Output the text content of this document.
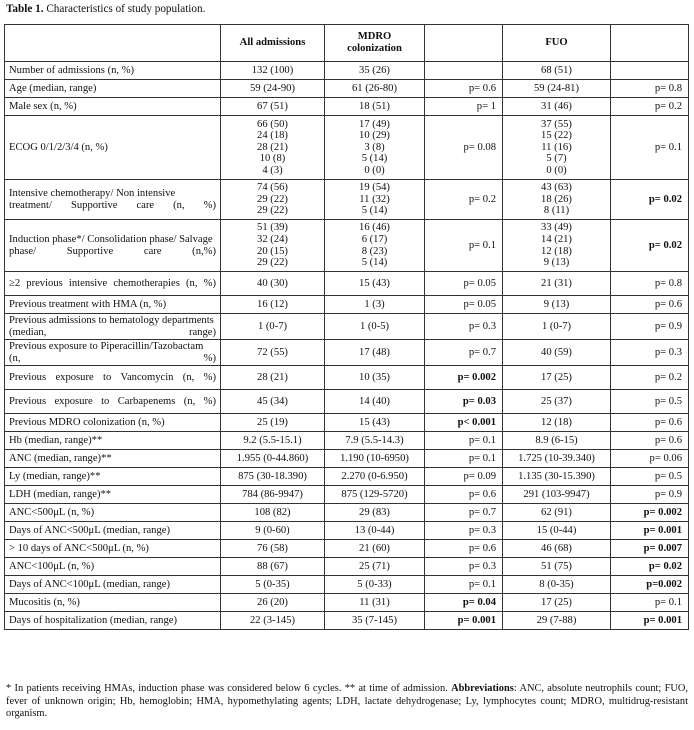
Table 1. Characteristics of study population.
	All admissions	MDRO
colonization		FUO	
Number of admissions (n, %)	132 (100)	35 (26)		68 (51)	
Age (median, range)	59 (24-90)	61 (26-80)	p= 0.6	59 (24-81)	p= 0.8
Male sex (n, %)	67 (51)	18 (51)	p= 1	31 (46)	p= 0.2
ECOG 0/1/2/3/4 (n, %)	66 (50)
24 (18)
28 (21)
10 (8)
4 (3)	17 (49)
10 (29)
3 (8)
5 (14)
0 (0)	p= 0.08	37 (55)
15 (22)
11 (16)
5 (7)
0 (0)	p= 0.1
Intensive chemotherapy/ Non intensive treatment/ Supportive care (n, %)	74 (56)
29 (22)
29 (22)	19 (54)
11 (32)
5 (14)	p= 0.2	43 (63)
18 (26)
8 (11)	p= 0.02
Induction phase*/ Consolidation phase/ Salvage phase/ Supportive care (n,%)	51 (39)
32 (24)
20 (15)
29 (22)	16 (46)
6 (17)
8 (23)
5 (14)	p= 0.1	33 (49)
14 (21)
12 (18)
9 (13)	p= 0.02
≥2 previous intensive chemotherapies (n, %)	40 (30)	15 (43)	p= 0.05	21 (31)	p= 0.8
Previous treatment with HMA (n, %)	16 (12)	1 (3)	p= 0.05	9 (13)	p= 0.6
Previous admissions to hematology departments (median, range)	1 (0-7)	1 (0-5)	p= 0.3	1 (0-7)	p= 0.9
Previous exposure to Piperacillin/Tazobactam (n, %)	72 (55)	17 (48)	p= 0.7	40 (59)	p= 0.3
Previous exposure to Vancomycin (n, %)	28 (21)	10 (35)	p= 0.002	17 (25)	p= 0.2
Previous exposure to Carbapenems (n, %)	45 (34)	14 (40)	p= 0.03	25 (37)	p= 0.5
Previous MDRO colonization (n, %)	25 (19)	15 (43)	p< 0.001	12 (18)	p= 0.6
Hb (median, range)**	9.2 (5.5-15.1)	7.9 (5.5-14.3)	p= 0.1	8.9 (6-15)	p= 0.6
ANC (median, range)**	1.955 (0-44.860)	1.190 (10-6950)	p= 0.1	1.725 (10-39.340)	p= 0.06
Ly (median, range)**	875 (30-18.390)	2.270 (0-6.950)	p= 0.09	1.135 (30-15.390)	p= 0.5
LDH (median, range)**	784 (86-9947)	875 (129-5720)	p= 0.6	291 (103-9947)	p= 0.9
ANC<500μL (n, %)	108 (82)	29 (83)	p= 0.7	62 (91)	p= 0.002
Days of ANC<500μL (median, range)	9 (0-60)	13 (0-44)	p= 0.3	15 (0-44)	p= 0.001
> 10 days of ANC<500μL (n, %)	76 (58)	21 (60)	p= 0.6	46 (68)	p= 0.007
ANC<100μL (n, %)	88 (67)	25 (71)	p= 0.3	51 (75)	p= 0.02
Days of ANC<100μL (median, range)	5 (0-35)	5 (0-33)	p= 0.1	8 (0-35)	p=0.002
Mucositis (n, %)	26 (20)	11 (31)	p= 0.04	17 (25)	p= 0.1
Days of hospitalization (median, range)	22 (3-145)	35 (7-145)	p= 0.001	29 (7-88)	p= 0.001
* In patients receiving HMAs, induction phase was considered below 6 cycles. ** at time of admission. Abbreviations: ANC, absolute neutrophils count; FUO, fever of unknown origin; Hb, hemoglobin; HMA, hypomethylating agents; LDH, lactate dehydrogenase; Ly, lymphocytes count; MDRO, multidrug-resistant organism.
